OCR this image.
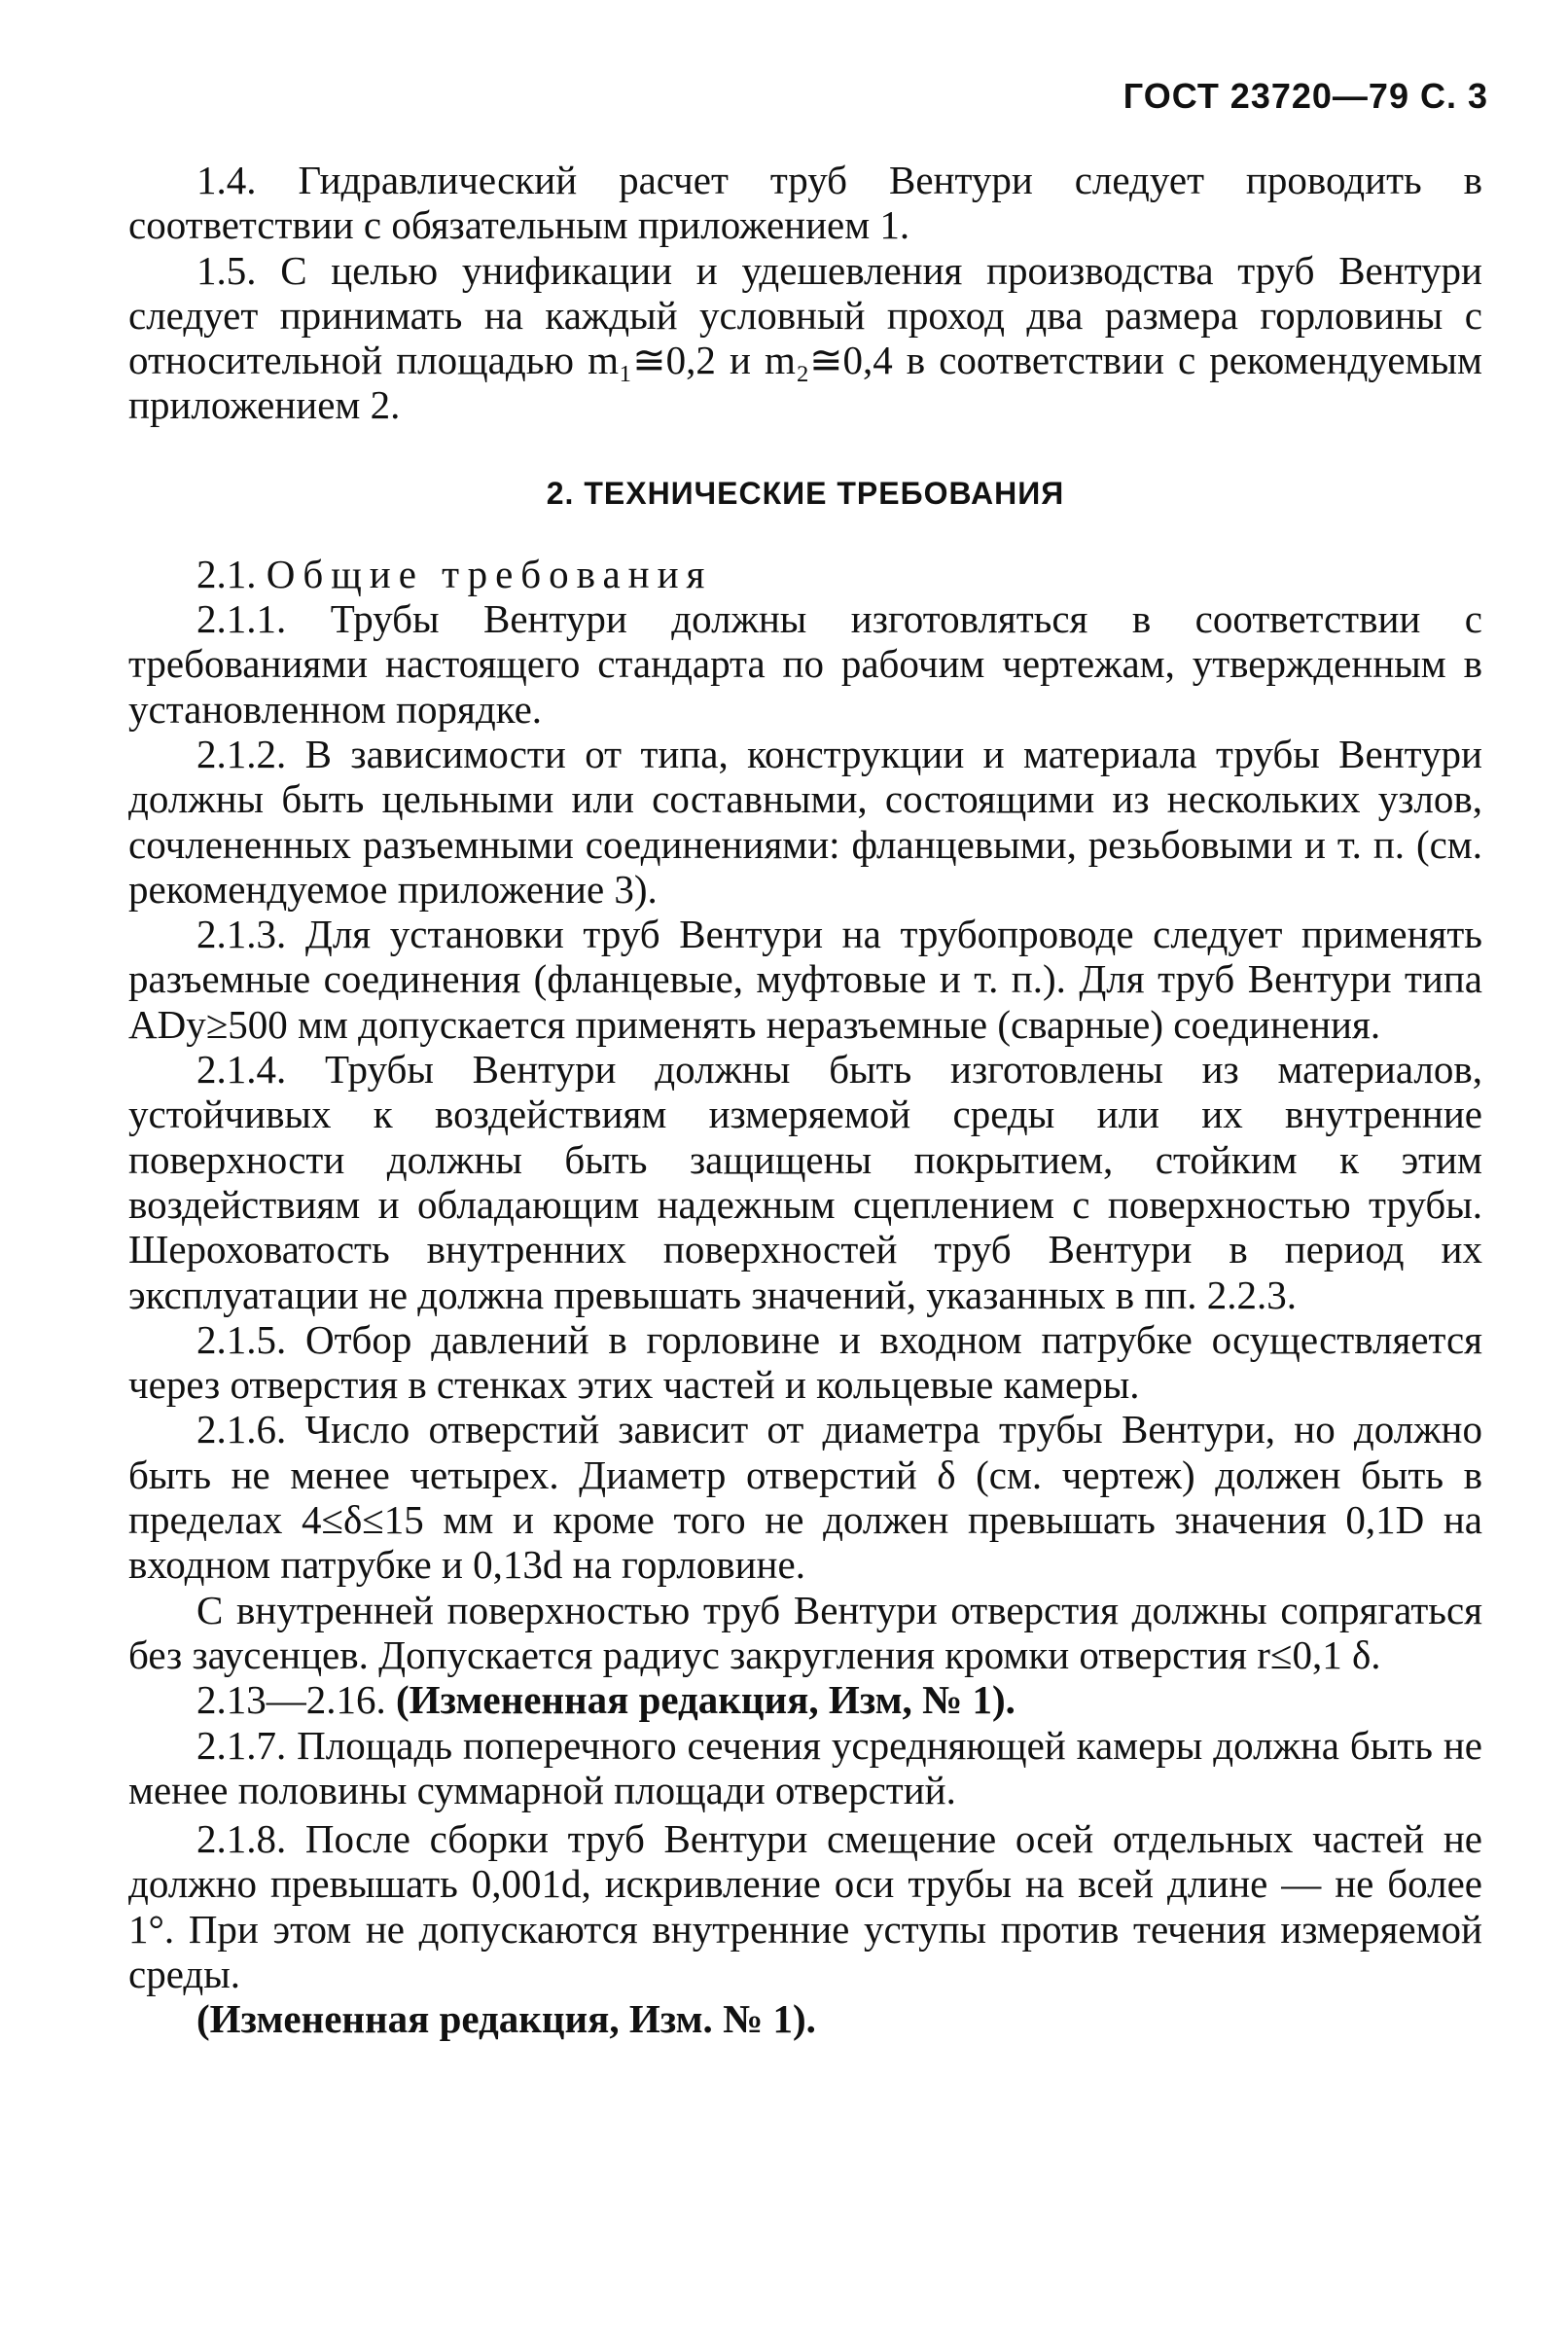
ГОСТ 23720—79 С. 3

1.4. Гидравлический расчет труб Вентури следует проводить в соответствии с обязательным приложением 1.

1.5. С целью унификации и удешевления производства труб Вентури следует принимать на каждый условный проход два размера горловины с относительной площадью m₁≅0,2 и m₂≅0,4 в соответствии с рекомендуемым приложением 2.

2. ТЕХНИЧЕСКИЕ ТРЕБОВАНИЯ

2.1. Общие требования

2.1.1. Трубы Вентури должны изготовляться в соответствии с требованиями настоящего стандарта по рабочим чертежам, утвержденным в установленном порядке.

2.1.2. В зависимости от типа, конструкции и материала трубы Вентури должны быть цельными или составными, состоящими из нескольких узлов, сочлененных разъемными соединениями: фланцевыми, резьбовыми и т. п. (см. рекомендуемое приложение 3).

2.1.3. Для установки труб Вентури на трубопроводе следует применять разъемные соединения (фланцевые, муфтовые и т. п.). Для труб Вентури типа ADу≥500 мм допускается применять неразъемные (сварные) соединения.

2.1.4. Трубы Вентури должны быть изготовлены из материалов, устойчивых к воздействиям измеряемой среды или их внутренние поверхности должны быть защищены покрытием, стойким к этим воздействиям и обладающим надежным сцеплением с поверхностью трубы. Шероховатость внутренних поверхностей труб Вентури в период их эксплуатации не должна превышать значений, указанных в пп. 2.2.3.

2.1.5. Отбор давлений в горловине и входном патрубке осуществляется через отверстия в стенках этих частей и кольцевые камеры.

2.1.6. Число отверстий зависит от диаметра трубы Вентури, но должно быть не менее четырех. Диаметр отверстий δ (см. чертеж) должен быть в пределах 4≤δ≤15 мм и кроме того не должен превышать значения 0,1D на входном патрубке и 0,13d на горловине.

С внутренней поверхностью труб Вентури отверстия должны сопрягаться без заусенцев. Допускается радиус закругления кромки отверстия r≤0,1 δ.

2.13—2.16. (Измененная редакция, Изм, № 1).

2.1.7. Площадь поперечного сечения усредняющей камеры должна быть не менее половины суммарной площади отверстий.

2.1.8. После сборки труб Вентури смещение осей отдельных частей не должно превышать 0,001d, искривление оси трубы на всей длине — не более 1°. При этом не допускаются внутренние уступы против течения измеряемой среды.

(Измененная редакция, Изм. № 1).
